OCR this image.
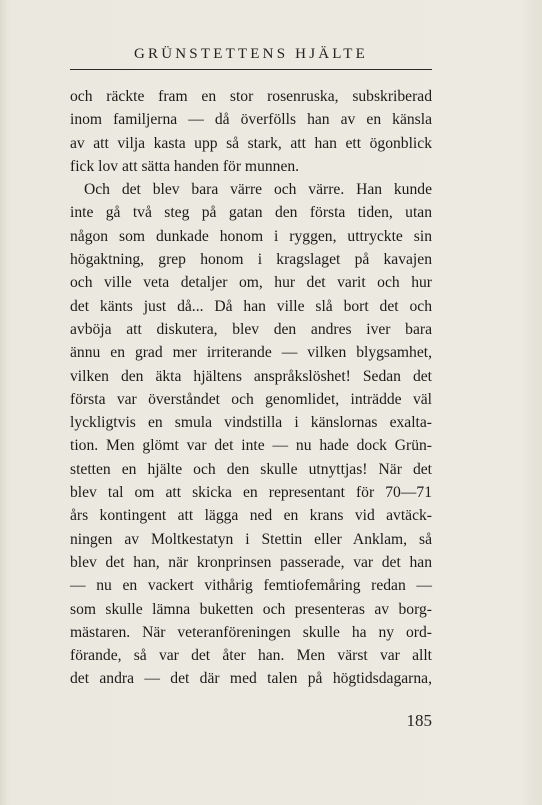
GRÜNSTETTENS HJÄLTE
och räckte fram en stor rosenruska, subskriberad
inom familjerna — då överfölls han av en känsla
av att vilja kasta upp så stark, att han ett ögonblick
fick lov att sätta handen för munnen.
Och det blev bara värre och värre. Han kunde
inte gå två steg på gatan den första tiden, utan
någon som dunkade honom i ryggen, uttryckte sin
högaktning, grep honom i kragslaget på kavajen
och ville veta detaljer om, hur det varit och hur
det känts just då... Då han ville slå bort det och
avböja att diskutera, blev den andres iver bara
ännu en grad mer irriterande — vilken blygsamhet,
vilken den äkta hjältens anspråkslöshet! Sedan det
första var överståndet och genomlidet, inträdde väl
lyckligtvis en smula vindstilla i känslornas exalta-
tion. Men glömt var det inte — nu hade dock Grün-
stetten en hjälte och den skulle utnyttjas! När det
blev tal om att skicka en representant för 70—71
års kontingent att lägga ned en krans vid avtäck-
ningen av Moltkestatyn i Stettin eller Anklam, så
blev det han, när kronprinsen passerade, var det han
— nu en vackert vithårig femtiofemåring redan —
som skulle lämna buketten och presenteras av borg-
mästaren. När veteranföreningen skulle ha ny ord-
förande, så var det åter han. Men värst var allt
det andra — det där med talen på högtidsdagarna,
185
